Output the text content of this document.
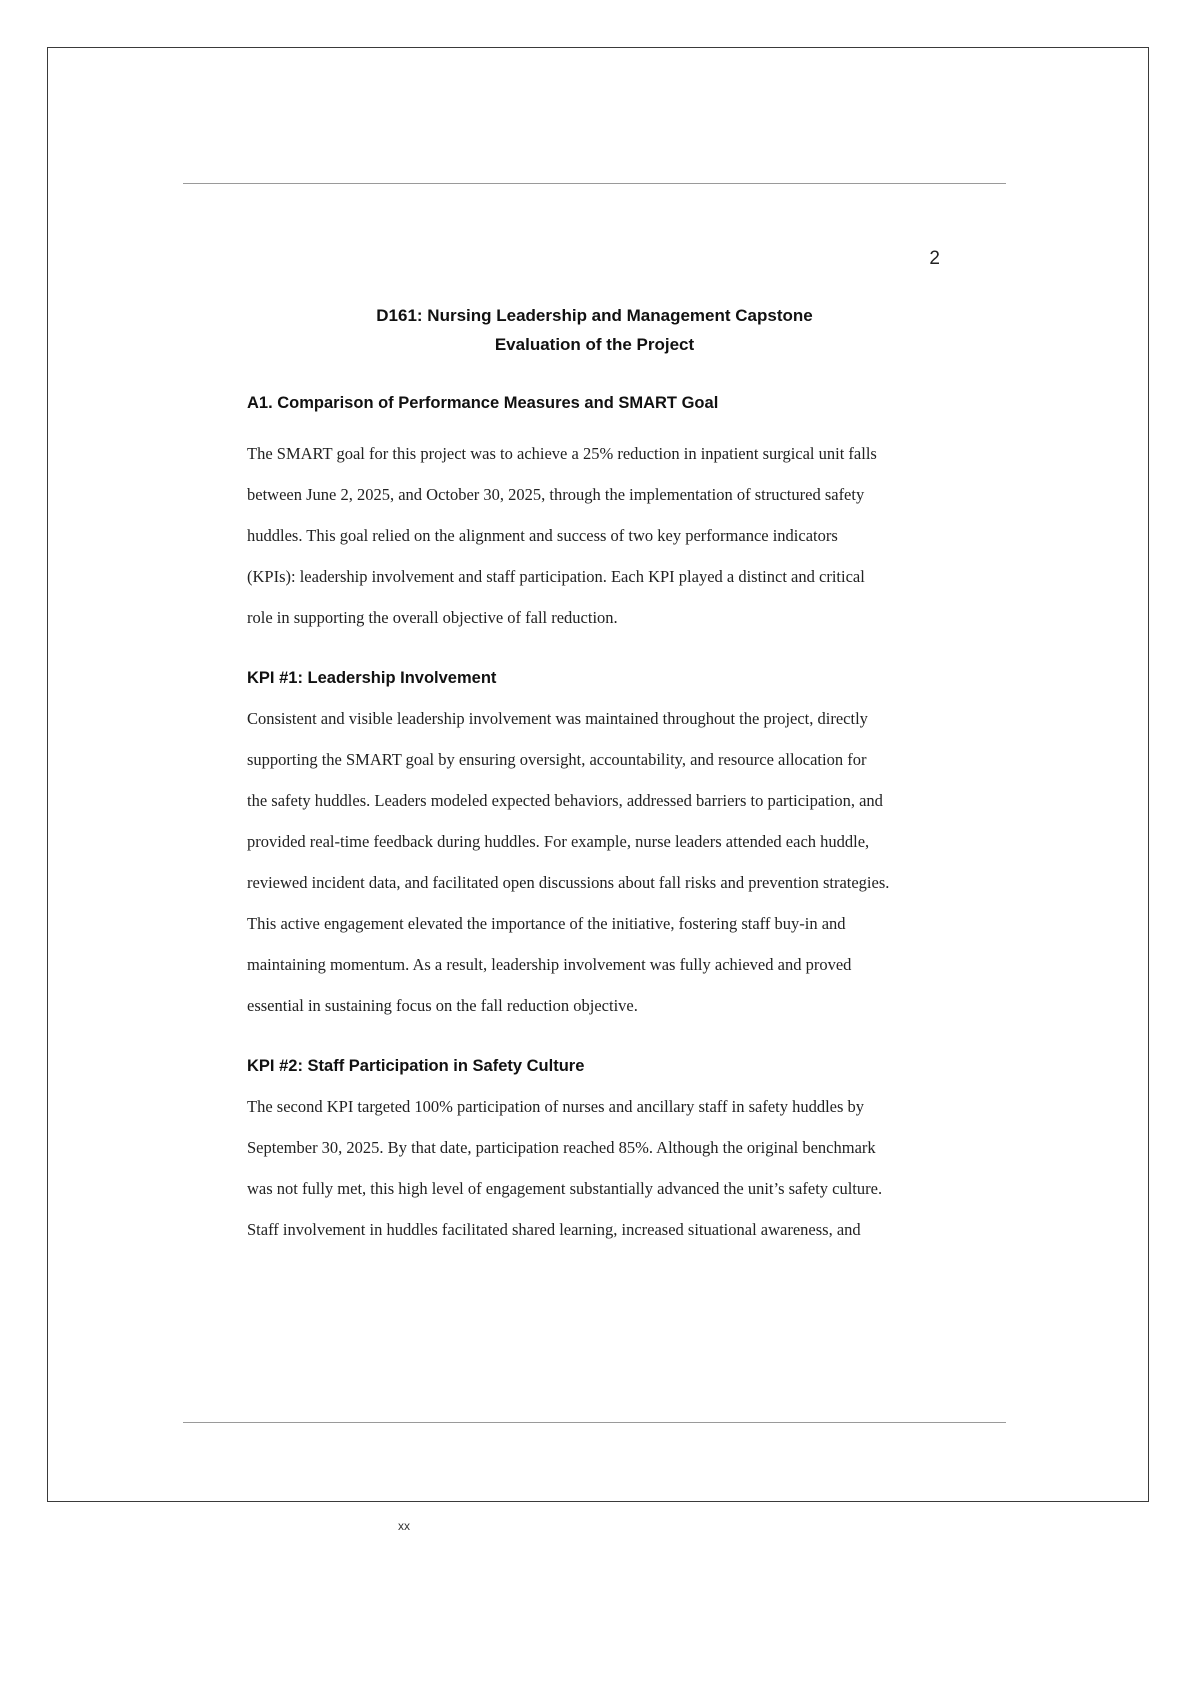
2
D161: Nursing Leadership and Management Capstone
Evaluation of the Project
A1. Comparison of Performance Measures and SMART Goal
The SMART goal for this project was to achieve a 25% reduction in inpatient surgical unit falls
between June 2, 2025, and October 30, 2025, through the implementation of structured safety
huddles. This goal relied on the alignment and success of two key performance indicators
(KPIs): leadership involvement and staff participation. Each KPI played a distinct and critical
role in supporting the overall objective of fall reduction.
KPI #1: Leadership Involvement
Consistent and visible leadership involvement was maintained throughout the project, directly
supporting the SMART goal by ensuring oversight, accountability, and resource allocation for
the safety huddles. Leaders modeled expected behaviors, addressed barriers to participation, and
provided real-time feedback during huddles. For example, nurse leaders attended each huddle,
reviewed incident data, and facilitated open discussions about fall risks and prevention strategies.
This active engagement elevated the importance of the initiative, fostering staff buy-in and
maintaining momentum. As a result, leadership involvement was fully achieved and proved
essential in sustaining focus on the fall reduction objective.
KPI #2: Staff Participation in Safety Culture
The second KPI targeted 100% participation of nurses and ancillary staff in safety huddles by
September 30, 2025. By that date, participation reached 85%. Although the original benchmark
was not fully met, this high level of engagement substantially advanced the unit’s safety culture.
Staff involvement in huddles facilitated shared learning, increased situational awareness, and
xx
